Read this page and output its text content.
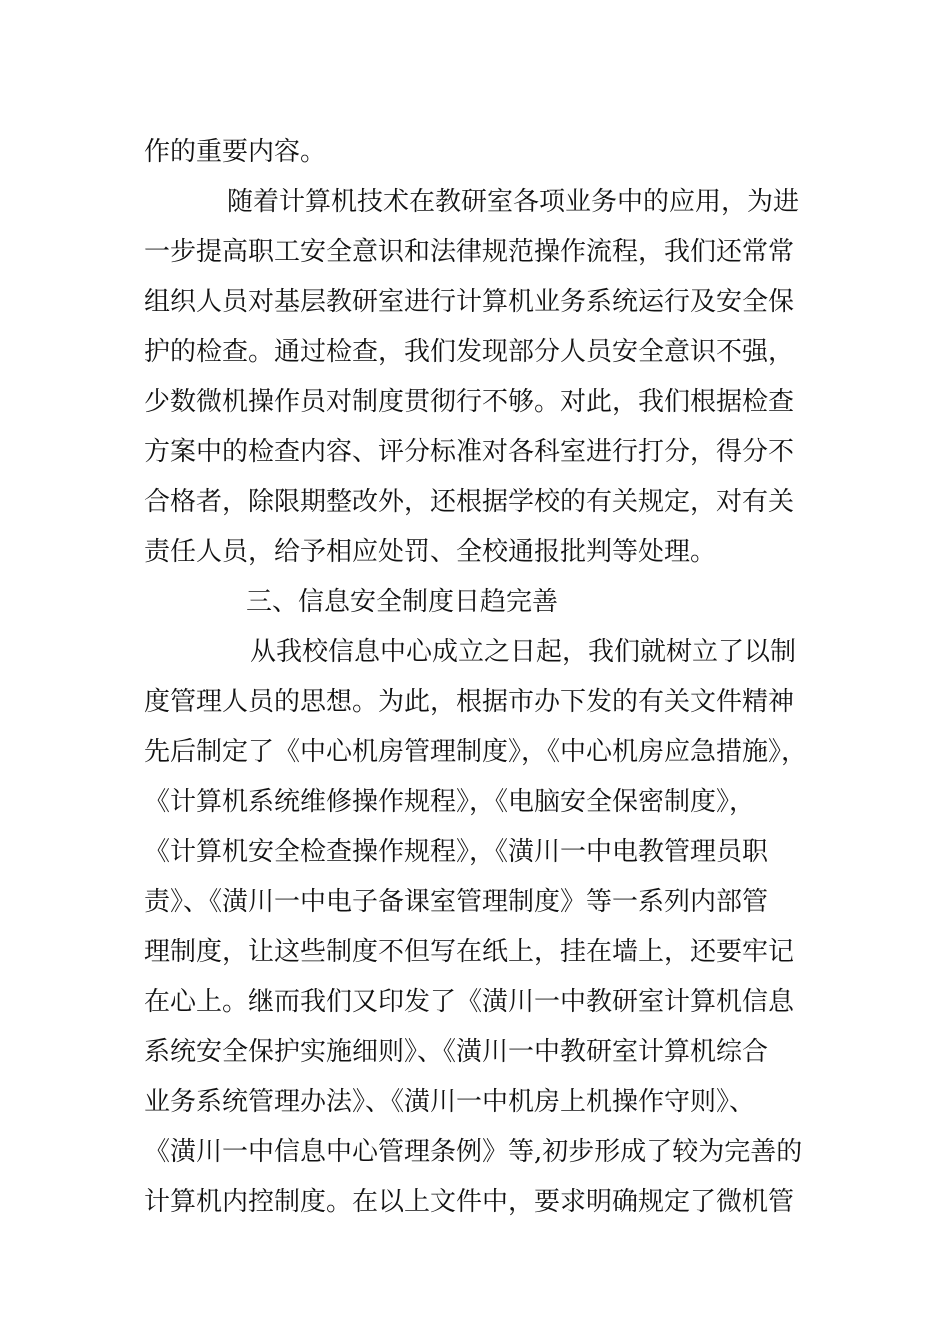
作的重要内容。
随着计算机技术在教研室各项业务中的应用，为进
一步提高职工安全意识和法律规范操作流程，我们还常常
组织人员对基层教研室进行计算机业务系统运行及安全保
护的检查。通过检查，我们发现部分人员安全意识不强，
少数微机操作员对制度贯彻行不够。对此，我们根据检查
方案中的检查内容、评分标准对各科室进行打分，得分不
合格者，除限期整改外，还根据学校的有关规定，对有关
责任人员，给予相应处罚、全校通报批判等处理。
三、信息安全制度日趋完善
从我校信息中心成立之日起，我们就树立了以制
度管理人员的思想。为此，根据市办下发的有关文件精神
先后制定了《中心机房管理制度》，《中心机房应急措施》，
《计算机系统维修操作规程》，《电脑安全保密制度》，
《计算机安全检查操作规程》，《潢川一中电教管理员职
责》、《潢川一中电子备课室管理制度》等一系列内部管
理制度，让这些制度不但写在纸上，挂在墙上，还要牢记
在心上。继而我们又印发了《潢川一中教研室计算机信息
系统安全保护实施细则》、《潢川一中教研室计算机综合
业务系统管理办法》、《潢川一中机房上机操作守则》、
《潢川一中信息中心管理条例》等,初步形成了较为完善的
计算机内控制度。在以上文件中，要求明确规定了微机管
